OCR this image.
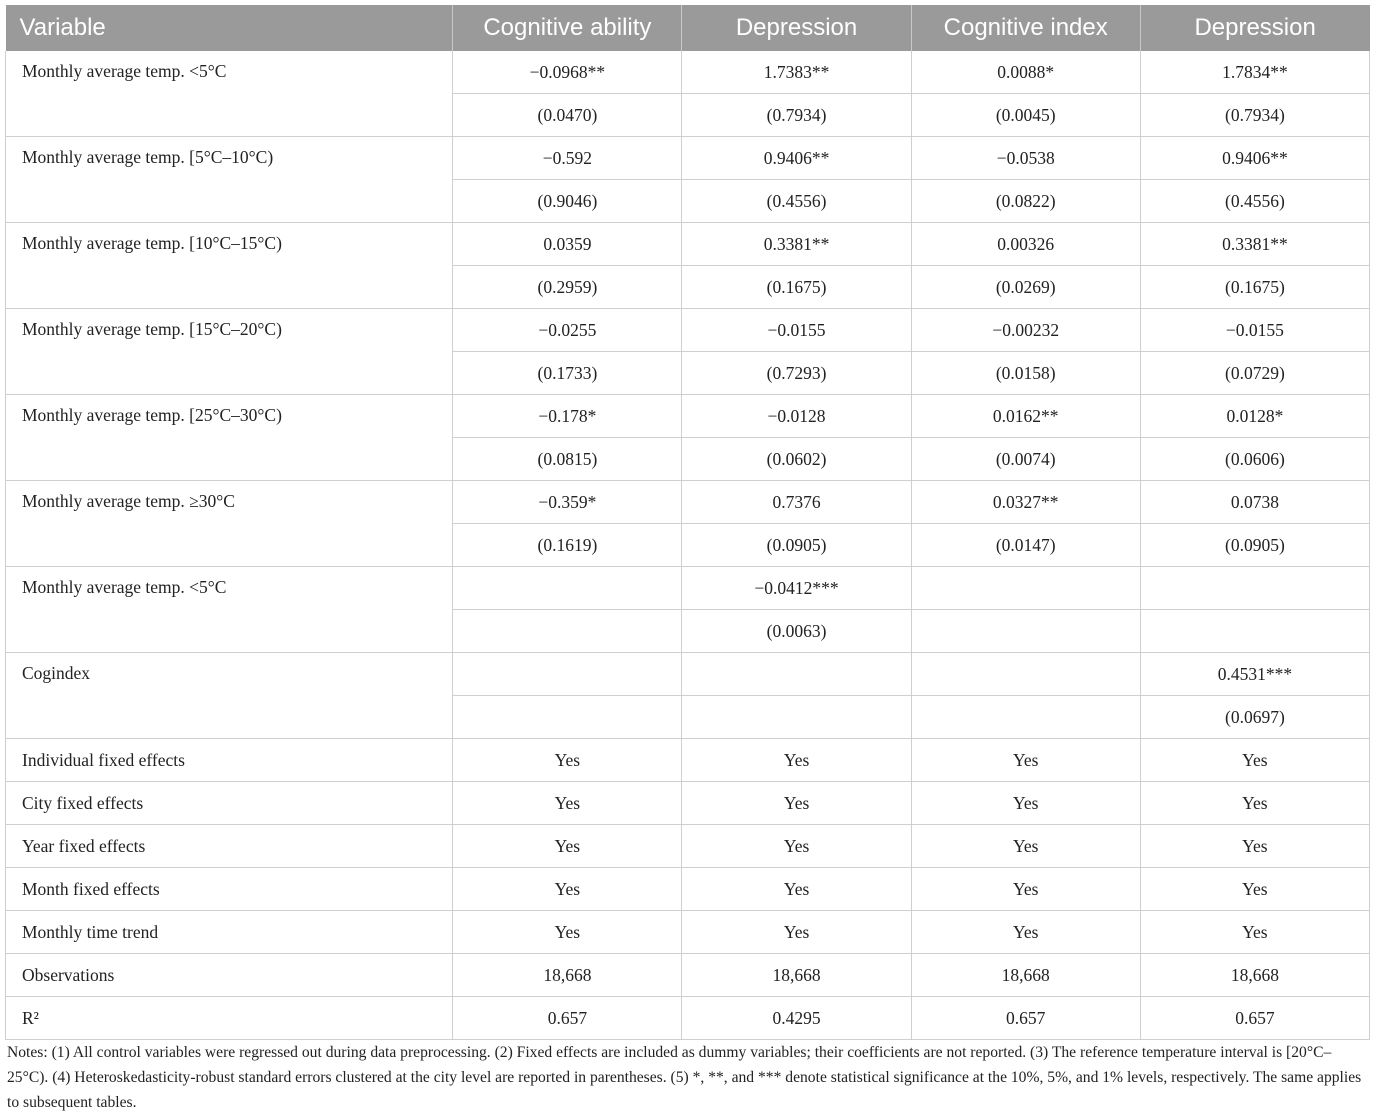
Variable	Cognitive ability	Depression	Cognitive index	Depression
Monthly average temp. <5°C	−0.0968**	1.7383**	0.0088*	1.7834**
	(0.0470)	(0.7934)	(0.0045)	(0.7934)
Monthly average temp. [5°C–10°C)	−0.592	0.9406**	−0.0538	0.9406**
	(0.9046)	(0.4556)	(0.0822)	(0.4556)
Monthly average temp. [10°C–15°C)	0.0359	0.3381**	0.00326	0.3381**
	(0.2959)	(0.1675)	(0.0269)	(0.1675)
Monthly average temp. [15°C–20°C)	−0.0255	−0.0155	−0.00232	−0.0155
	(0.1733)	(0.7293)	(0.0158)	(0.0729)
Monthly average temp. [25°C–30°C)	−0.178*	−0.0128	0.0162**	0.0128*
	(0.0815)	(0.0602)	(0.0074)	(0.0606)
Monthly average temp. ≥30°C	−0.359*	0.7376	0.0327**	0.0738
	(0.1619)	(0.0905)	(0.0147)	(0.0905)
Monthly average temp. <5°C		−0.0412***		
		(0.0063)		
Cogindex				0.4531***
				(0.0697)
Individual fixed effects	Yes	Yes	Yes	Yes
City fixed effects	Yes	Yes	Yes	Yes
Year fixed effects	Yes	Yes	Yes	Yes
Month fixed effects	Yes	Yes	Yes	Yes
Monthly time trend	Yes	Yes	Yes	Yes
Observations	18,668	18,668	18,668	18,668
R²	0.657	0.4295	0.657	0.657
Notes: (1) All control variables were regressed out during data preprocessing. (2) Fixed effects are included as dummy variables; their coefficients are not reported. (3) The reference temperature interval is [20°C–25°C). (4) Heteroskedasticity-robust standard errors clustered at the city level are reported in parentheses. (5) *, **, and *** denote statistical significance at the 10%, 5%, and 1% levels, respectively. The same applies to subsequent tables.
